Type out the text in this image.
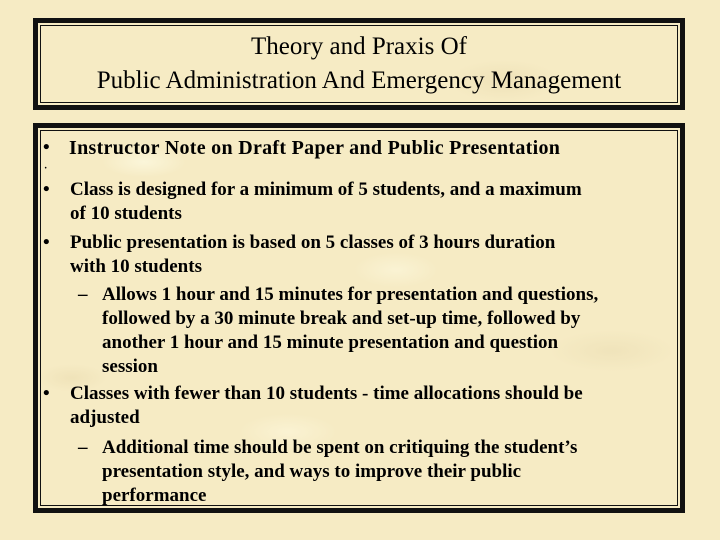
Theory and Praxis Of
Public Administration And Emergency Management
• Instructor Note on Draft Paper and Public Presentation
·
• Class is designed for a minimum of 5 students, and a maximum
of 10 students
• Public presentation is based on 5 classes of 3 hours duration
with 10 students
– Allows 1 hour and 15 minutes for presentation and questions,
followed by a 30 minute break and set-up time, followed by
another 1 hour and 15 minute presentation and question
session
• Classes with fewer than 10 students - time allocations should be
adjusted
– Additional time should be spent on critiquing the student’s
presentation style, and ways to improve their public
performance
